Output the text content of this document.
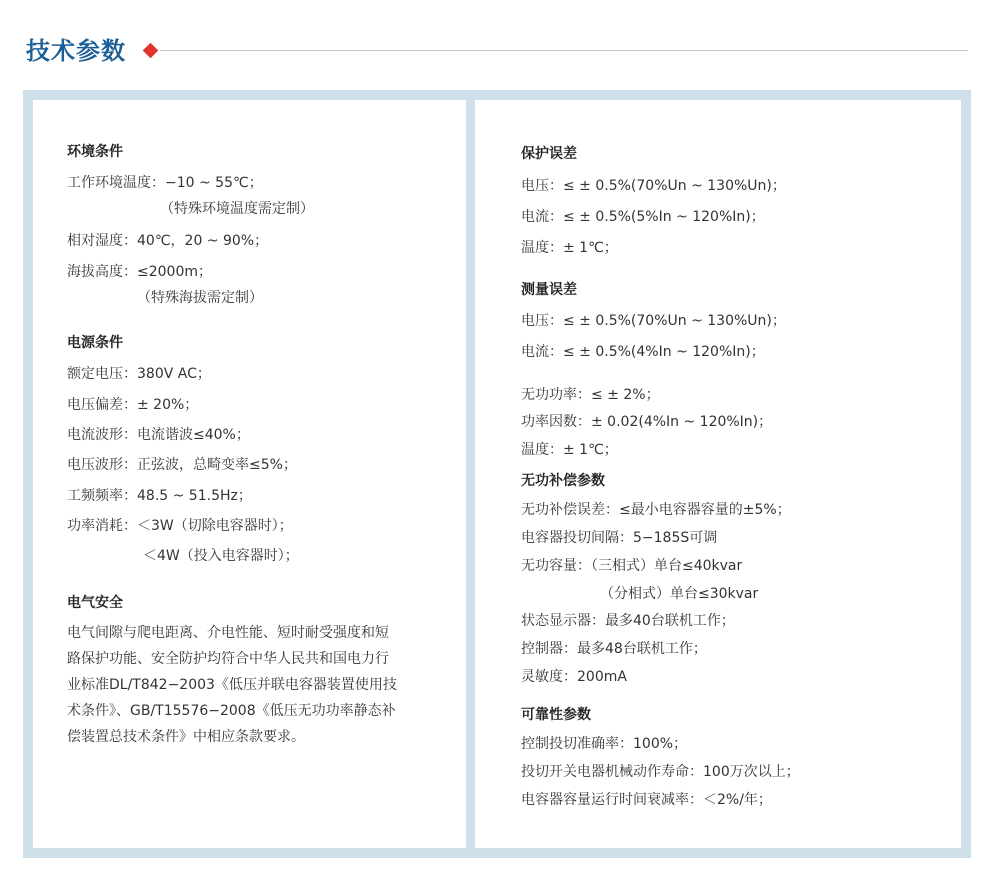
技术参数
环境条件
工作环境温度：−10 ~ 55℃；
（特殊环境温度需定制）
相对湿度：40℃，20 ~ 90%；
海拔高度：≤2000m；
（特殊海拔需定制）
电源条件
额定电压：380V AC；
电压偏差：± 20%；
电流波形：电流谐波≤40%；
电压波形：正弦波，总畸变率≤5%；
工频频率：48.5 ~ 51.5Hz；
功率消耗：＜3W（切除电容器时）；
＜4W（投入电容器时）；
电气安全
电气间隙与爬电距离、介电性能、短时耐受强度和短
路保护功能、安全防护均符合中华人民共和国电力行
业标准DL/T842−2003《低压并联电容器装置使用技
术条件》、GB/T15576−2008《低压无功功率静态补
偿装置总技术条件》中相应条款要求。
保护误差
电压：≤ ± 0.5%(70%Un ~ 130%Un)；
电流：≤ ± 0.5%(5%In ~ 120%In)；
温度：± 1℃；
测量误差
电压：≤ ± 0.5%(70%Un ~ 130%Un)；
电流：≤ ± 0.5%(4%In ~ 120%In)；
无功功率：≤ ± 2%；
功率因数：± 0.02(4%In ~ 120%In)；
温度：± 1℃；
无功补偿参数
无功补偿误差：≤最小电容器容量的±5%；
电容器投切间隔：5−185S可调
无功容量：（三相式）单台≤40kvar
（分相式）单台≤30kvar
状态显示器：最多40台联机工作；
控制器：最多48台联机工作；
灵敏度：200mA
可靠性参数
控制投切准确率：100%；
投切开关电器机械动作寿命：100万次以上；
电容器容量运行时间衰减率：＜2%/年；
